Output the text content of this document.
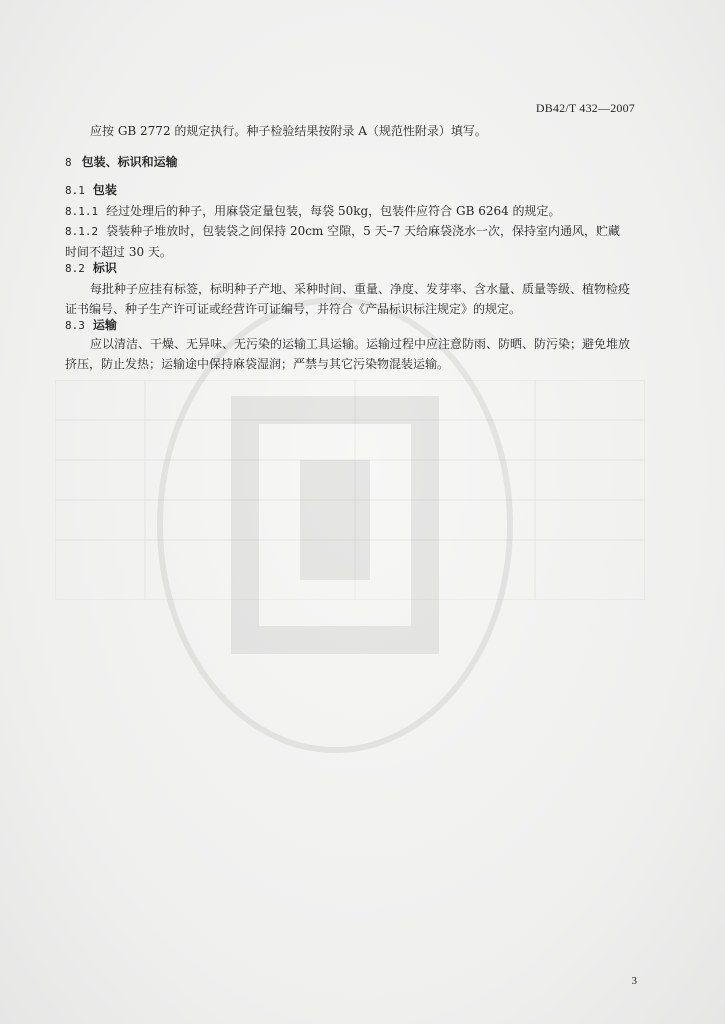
DB42/T 432—2007
应按 GB 2772 的规定执行。种子检验结果按附录 A（规范性附录）填写。
8 包装、标识和运输
8.1 包装
8.1.1 经过处理后的种子，用麻袋定量包装，每袋 50kg，包装件应符合 GB 6264 的规定。
8.1.2 袋装种子堆放时，包装袋之间保持 20cm 空隙，5 天–7 天给麻袋浇水一次，保持室内通风，贮藏
时间不超过 30 天。
8.2 标识
每批种子应挂有标签，标明种子产地、采种时间、重量、净度、发芽率、含水量、质量等级、植物检疫证书编号、种子生产许可证或经营许可证编号，并符合《产品标识标注规定》的规定。
8.3 运输
应以清洁、干燥、无异味、无污染的运输工具运输。运输过程中应注意防雨、防晒、防污染；避免堆放挤压，防止发热；运输途中保持麻袋湿润；严禁与其它污染物混装运输。
3
